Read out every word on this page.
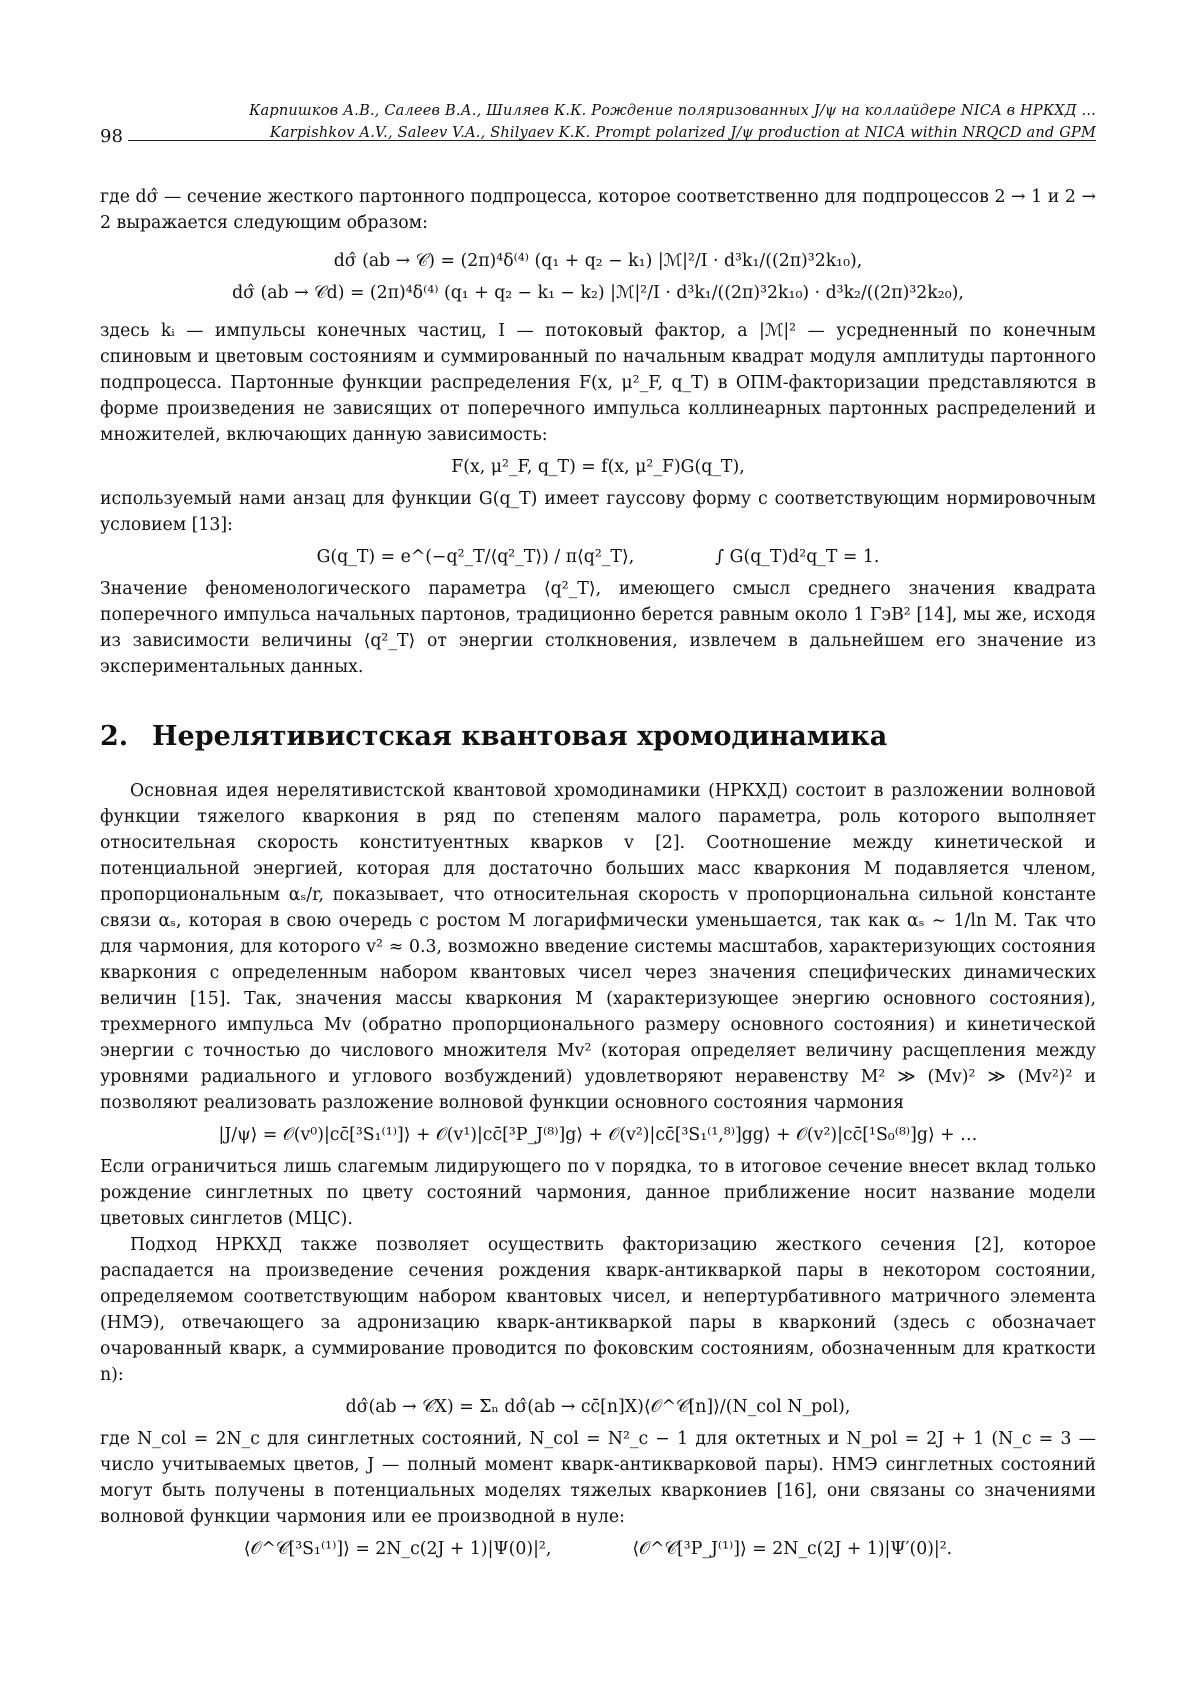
Карпишков А.В., Салеев В.А., Шиляев К.К. Рождение поляризованных J/ψ на коллайдере NICA в НРКХД ...
Karpishkov A.V., Saleev V.A., Shilyaev K.K. Prompt polarized J/ψ production at NICA within NRQCD and GPM
98

где dσ̂ — сечение жесткого партонного подпроцесса, которое соответственно для подпроцессов 2 → 1 и 2 → 2 выражается следующим образом:

dσ̂ (ab → 𝒞) = (2π)⁴δ⁽⁴⁾ (q₁ + q₂ − k₁) |ℳ|²/I · d³k₁/((2π)³2k₁₀),
dσ̂ (ab → 𝒞d) = (2π)⁴δ⁽⁴⁾ (q₁ + q₂ − k₁ − k₂) |ℳ|²/I · d³k₁/((2π)³2k₁₀) · d³k₂/((2π)³2k₂₀),

здесь kᵢ — импульсы конечных частиц, I — потоковый фактор, а |ℳ|² — усредненный по конечным спиновым и цветовым состояниям и суммированный по начальным квадрат модуля амплитуды партонного подпроцесса. Партонные функции распределения F(x, μ²_F, q_T) в ОПМ-факторизации представляются в форме произведения не зависящих от поперечного импульса коллинеарных партонных распределений и множителей, включающих данную зависимость:

F(x, μ²_F, q_T) = f(x, μ²_F)G(q_T),

используемый нами анзац для функции G(q_T) имеет гауссову форму с соответствующим нормировочным условием [13]:

G(q_T) = e^(−q²_T/⟨q²_T⟩) / π⟨q²_T⟩,	∫ G(q_T)d²q_T = 1.

Значение феноменологического параметра ⟨q²_T⟩, имеющего смысл среднего значения квадрата поперечного импульса начальных партонов, традиционно берется равным около 1 ГэВ² [14], мы же, исходя из зависимости величины ⟨q²_T⟩ от энергии столкновения, извлечем в дальнейшем его значение из экспериментальных данных.

2. Нерелятивистская квантовая хромодинамика

Основная идея нерелятивистской квантовой хромодинамики (НРКХД) состоит в разложении волновой функции тяжелого кваркония в ряд по степеням малого параметра, роль которого выполняет относительная скорость конституентных кварков v [2]. Соотношение между кинетической и потенциальной энергией, которая для достаточно больших масс кваркония M подавляется членом, пропорциональным αₛ/r, показывает, что относительная скорость v пропорциональна сильной константе связи αₛ, которая в свою очередь с ростом M логарифмически уменьшается, так как αₛ ∼ 1/ln M. Так что для чармония, для которого v² ≈ 0.3, возможно введение системы масштабов, характеризующих состояния кваркония с определенным набором квантовых чисел через значения специфических динамических величин [15]. Так, значения массы кваркония M (характеризующее энергию основного состояния), трехмерного импульса Mv (обратно пропорционального размеру основного состояния) и кинетической энергии с точностью до числового множителя Mv² (которая определяет величину расщепления между уровнями радиального и углового возбуждений) удовлетворяют неравенству M² ≫ (Mv)² ≫ (Mv²)² и позволяют реализовать разложение волновой функции основного состояния чармония

|J/ψ⟩ = 𝒪(v⁰)|cc̄[³S₁⁽¹⁾]⟩ + 𝒪(v¹)|cc̄[³P_J⁽⁸⁾]g⟩ + 𝒪(v²)|cc̄[³S₁⁽¹,⁸⁾]gg⟩ + 𝒪(v²)|cc̄[¹S₀⁽⁸⁾]g⟩ + …

Если ограничиться лишь слагемым лидирующего по v порядка, то в итоговое сечение внесет вклад только рождение синглетных по цвету состояний чармония, данное приближение носит название модели цветовых синглетов (МЦС).

Подход НРКХД также позволяет осуществить факторизацию жесткого сечения [2], которое распадается на произведение сечения рождения кварк-антикваркой пары в некотором состоянии, определяемом соответствующим набором квантовых чисел, и непертурбативного матричного элемента (НМЭ), отвечающего за адронизацию кварк-антикваркой пары в кварконий (здесь c обозначает очарованный кварк, а суммирование проводится по фоковским состояниям, обозначенным для краткости n):

dσ̂(ab → 𝒞X) = Σₙ dσ̂(ab → cc̄[n]X)⟨𝒪^𝒞[n]⟩/(N_col N_pol),

где N_col = 2N_c для синглетных состояний, N_col = N²_c − 1 для октетных и N_pol = 2J + 1 (N_c = 3 — число учитываемых цветов, J — полный момент кварк-антикварковой пары). НМЭ синглетных состояний могут быть получены в потенциальных моделях тяжелых кваркониев [16], они связаны со значениями волновой функции чармония или ее производной в нуле:

⟨𝒪^𝒞[³S₁⁽¹⁾]⟩ = 2N_c(2J + 1)|Ψ(0)|²,	⟨𝒪^𝒞[³P_J⁽¹⁾]⟩ = 2N_c(2J + 1)|Ψ′(0)|².
